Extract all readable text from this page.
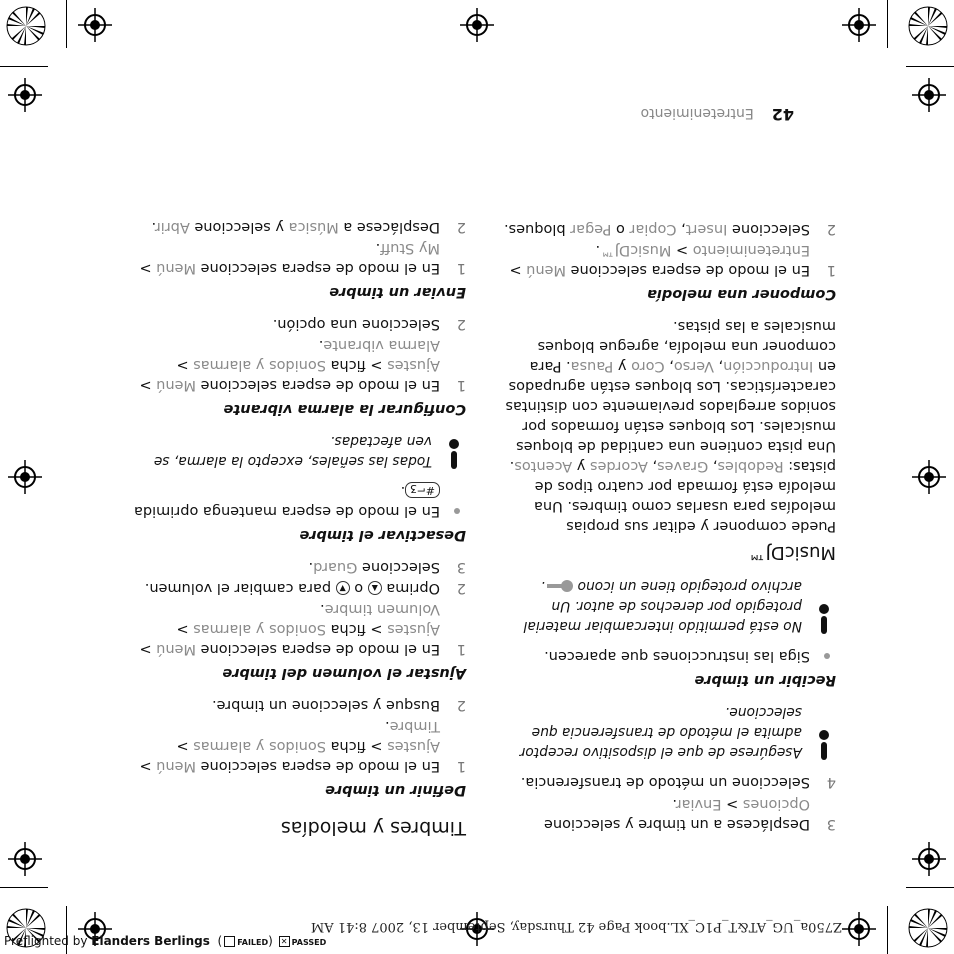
Z750a_UG_AT&T_P1C_XL.book Page 42 Thursday, September 13, 2007 8:41 AM
Timbres y melodías
Definir un timbre
1
En el modo de espera seleccione Menú > Ajustes > ficha Sonidos y alarmas > Timbre.
2
Busque y seleccione un timbre.
Ajustar el volumen del timbre
1
En el modo de espera seleccione Menú > Ajustes > ficha Sonidos y alarmas > Volumen timbre.
2
Oprima ▲ o ▼ para cambiar el volumen.
3
Seleccione Guard.
Desactivar el timbre
En el modo de espera mantenga oprimida #⌐ʒ.
Todas las señales, excepto la alarma, se ven afectadas.
Configurar la alarma vibrante
1
En el modo de espera seleccione Menú > Ajustes > ficha Sonidos y alarmas > Alarma vibrante.
2
Seleccione una opción.
Enviar un timbre
1
En el modo de espera seleccione Menú > My Stuff.
2
Desplácese a Música y seleccione Abrir.
3
Desplácese a un timbre y seleccione Opciones > Enviar.
4
Seleccione un método de transferencia.
Asegúrese de que el dispositivo receptor admita el método de transferencia que seleccione.
Recibir un timbre
Siga las instrucciones que aparecen.
No está permitido intercambiar material protegido por derechos de autor. Un archivo protegido tiene un icono .
MusicDJ™
Puede componer y editar sus propias melodías para usarlas como timbres. Una melodía está formada por cuatro tipos de pistas: Redobles, Graves, Acordes y Acentos. Una pista contiene una cantidad de bloques musicales. Los bloques están formados por sonidos arreglados previamente con distintas características. Los bloques están agrupados en Introducción, Verso, Coro y Pausa. Para componer una melodía, agregue bloques musicales a las pistas.
Componer una melodía
1
En el modo de espera seleccione Menú > Entretenimiento > MusicDJ™.
2
Seleccione Insert, Copiar o Pegar bloques.
42Entretenimiento
Preflighted by Elanders Berlings  ( FAILED) ✕ PASSED
